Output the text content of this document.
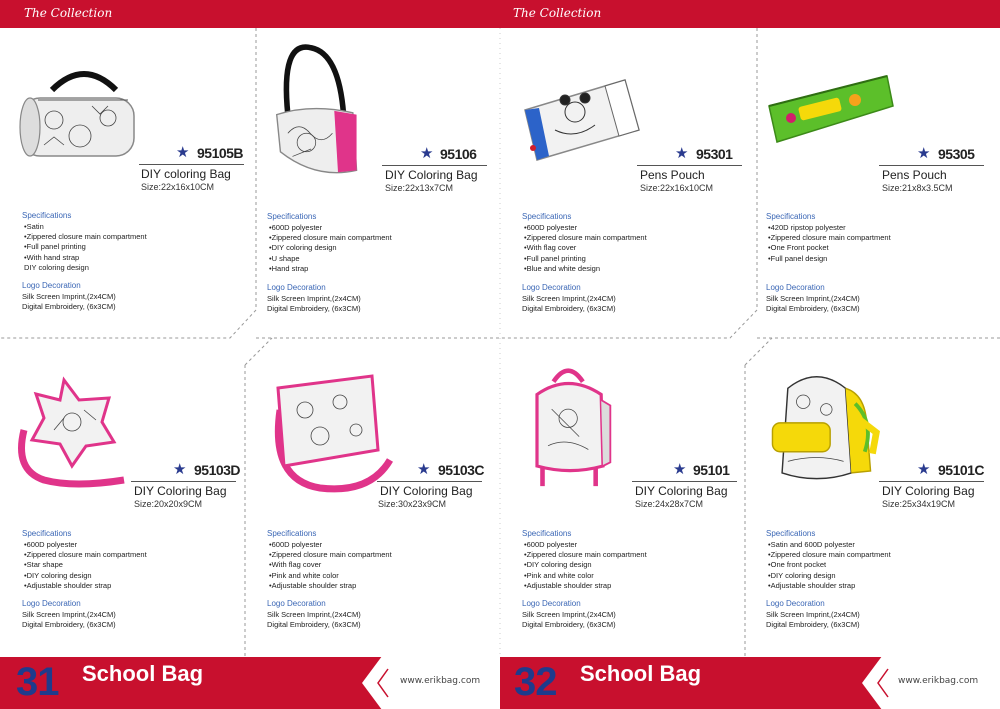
The Collection	The Collection
★ 95105B
DIY coloring Bag
Size:22x16x10CM
Specifications
• Satin
• Zippered closure main compartment
• Full panel printing
• With hand strap
DIY coloring design
Logo Decoration
Silk Screen Imprint,(2x4CM)
Digital Embroidery, (6x3CM)
★ 95106
DIY Coloring Bag
Size:22x13x7CM
Specifications
• 600D polyester
• Zippered closure main compartment
• DIY coloring design
• U shape
• Hand strap
Logo Decoration
Silk Screen Imprint,(2x4CM)
Digital Embroidery, (6x3CM)
★ 95301
Pens Pouch
Size:22x16x10CM
Specifications
• 600D polyester
• Zippered closure main compartment
• With flag cover
• Full panel printing
• Blue and white design
Logo Decoration
Silk Screen Imprint,(2x4CM)
Digital Embroidery, (6x3CM)
★ 95305
Pens Pouch
Size:21x8x3.5CM
Specifications
• 420D ripstop polyester
• Zippered closure main compartment
• One Front pocket
• Full panel design
Logo Decoration
Silk Screen Imprint,(2x4CM)
Digital Embroidery, (6x3CM)
★ 95103D
DIY Coloring Bag
Size:20x20x9CM
Specifications
• 600D polyester
• Zippered closure main compartment
• Star shape
• DIY coloring design
• Adjustable shoulder strap
Logo Decoration
Silk Screen Imprint,(2x4CM)
Digital Embroidery, (6x3CM)
★ 95103C
DIY Coloring Bag
Size:30x23x9CM
Specifications
• 600D polyester
• Zippered closure main compartment
• With flag cover
• Pink and white color
• Adjustable shoulder strap
Logo Decoration
Silk Screen Imprint,(2x4CM)
Digital Embroidery, (6x3CM)
★ 95101
DIY Coloring Bag
Size:24x28x7CM
Specifications
• 600D polyester
• Zippered closure main compartment
• DIY coloring design
• Pink and white color
• Adjustable shoulder strap
Logo Decoration
Silk Screen Imprint,(2x4CM)
Digital Embroidery, (6x3CM)
★ 95101C
DIY Coloring Bag
Size:25x34x19CM
Specifications
• Satin and 600D polyester
• Zippered closure main compartment
• One front pocket
• DIY coloring design
• Adjustable shoulder strap
Logo Decoration
Silk Screen Imprint,(2x4CM)
Digital Embroidery, (6x3CM)
31 School Bag	www.erikbag.com 32 School Bag	www.erikbag.com
